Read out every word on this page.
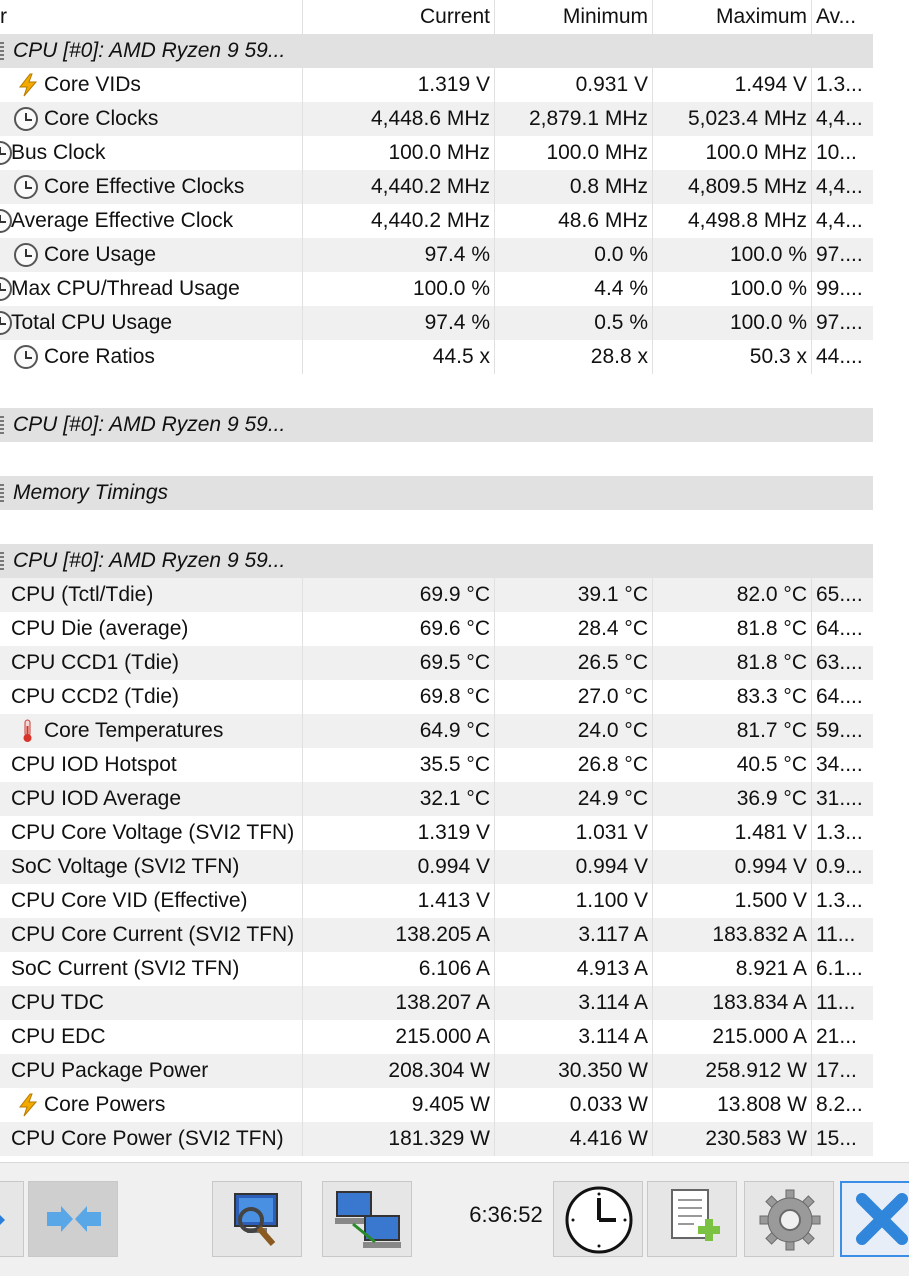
r	Current	Minimum	Maximum Av...
CPU [#0]: AMD Ryzen 9 59...
Core VIDs	1.319 V	0.931 V	1.494 V 1.3...
Core Clocks	4,448.6 MHz	2,879.1 MHz	5,023.4 MHz 4,4...
Bus Clock	100.0 MHz	100.0 MHz	100.0 MHz 10...
Core Effective Clocks	4,440.2 MHz	0.8 MHz	4,809.5 MHz 4,4...
Average Effective Clock	4,440.2 MHz	48.6 MHz	4,498.8 MHz 4,4...
Core Usage	97.4 %	0.0 %	100.0 % 97....
Max CPU/Thread Usage	100.0 %	4.4 %	100.0 % 99....
Total CPU Usage	97.4 %	0.5 %	100.0 % 97....
Core Ratios	44.5 x	28.8 x	50.3 x 44....
CPU [#0]: AMD Ryzen 9 59...
Memory Timings
CPU [#0]: AMD Ryzen 9 59...
CPU (Tctl/Tdie)	69.9 °C	39.1 °C	82.0 °C 65....
CPU Die (average)	69.6 °C	28.4 °C	81.8 °C 64....
CPU CCD1 (Tdie)	69.5 °C	26.5 °C	81.8 °C 63....
CPU CCD2 (Tdie)	69.8 °C	27.0 °C	83.3 °C 64....
Core Temperatures	64.9 °C	24.0 °C	81.7 °C 59....
CPU IOD Hotspot	35.5 °C	26.8 °C	40.5 °C 34....
CPU IOD Average	32.1 °C	24.9 °C	36.9 °C 31....
CPU Core Voltage (SVI2 TFN)	1.319 V	1.031 V	1.481 V 1.3...
SoC Voltage (SVI2 TFN)	0.994 V	0.994 V	0.994 V 0.9...
CPU Core VID (Effective)	1.413 V	1.100 V	1.500 V 1.3...
CPU Core Current (SVI2 TFN)	138.205 A	3.117 A	183.832 A 11...
SoC Current (SVI2 TFN)	6.106 A	4.913 A	8.921 A 6.1...
CPU TDC	138.207 A	3.114 A	183.834 A 11...
CPU EDC	215.000 A	3.114 A	215.000 A 21...
CPU Package Power	208.304 W	30.350 W	258.912 W 17...
Core Powers	9.405 W	0.033 W	13.808 W 8.2...
CPU Core Power (SVI2 TFN)	181.329 W	4.416 W	230.583 W 15...
6:36:52
